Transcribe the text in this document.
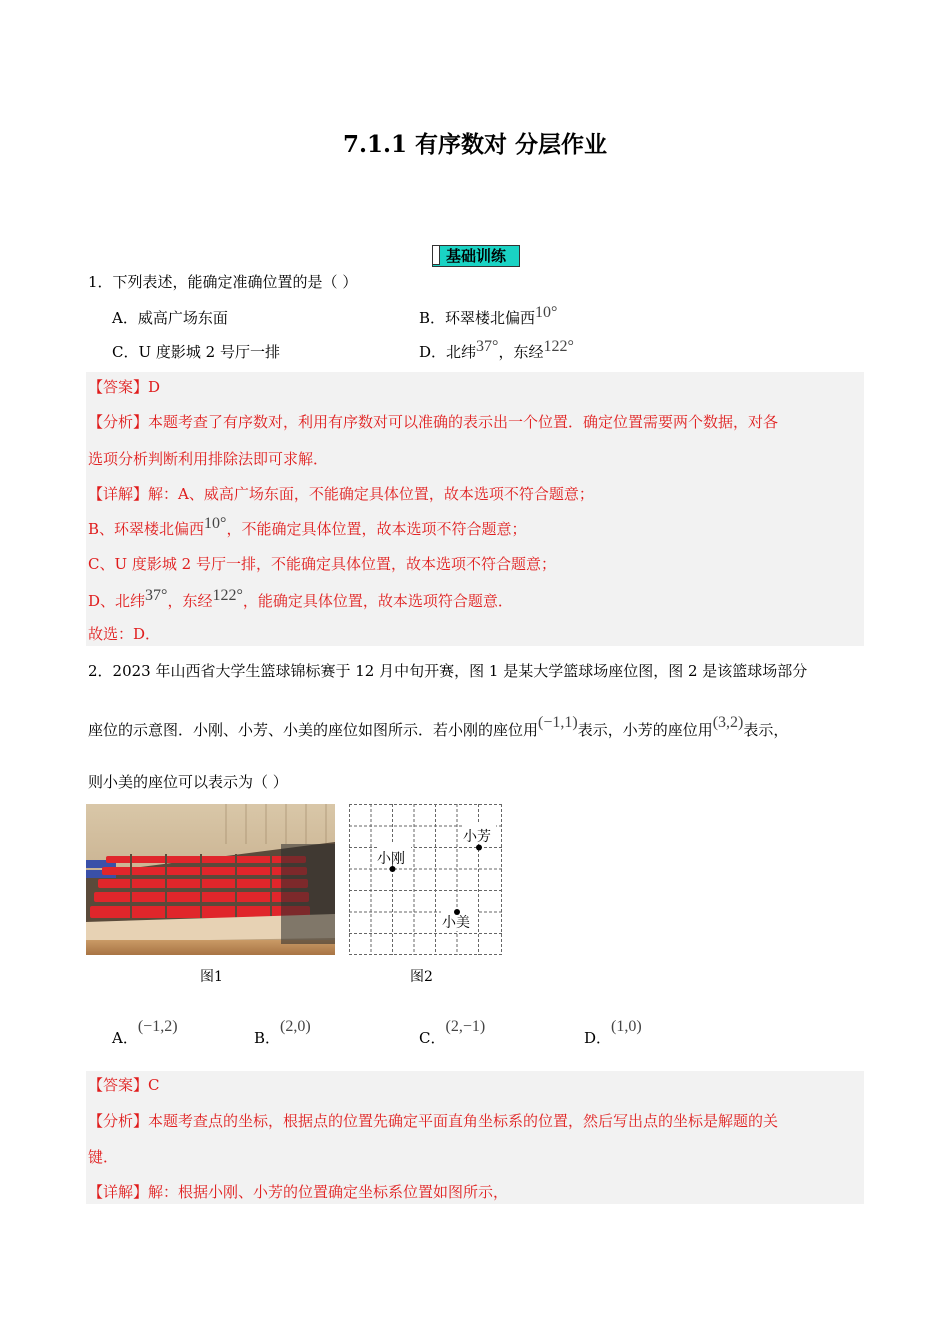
7.1.1 有序数对 分层作业
基础训练
1．下列表述，能确定准确位置的是（ ）
A．威高广场东面	B．环翠楼北偏西10°
C．U 度影城 2 号厅一排	D．北纬37°，东经122°
【答案】D
【分析】本题考查了有序数对，利用有序数对可以准确的表示出一个位置．确定位置需要两个数据，对各
选项分析判断利用排除法即可求解．
【详解】解：A、威高广场东面，不能确定具体位置，故本选项不符合题意；
B、环翠楼北偏西10°，不能确定具体位置，故本选项不符合题意；
C、U 度影城 2 号厅一排，不能确定具体位置，故本选项不符合题意；
D、北纬37°，东经122°，能确定具体位置，故本选项符合题意．
故选：D．
2．2023 年山西省大学生篮球锦标赛于 12 月中旬开赛，图 1 是某大学篮球场座位图，图 2 是该篮球场部分
座位的示意图．小刚、小芳、小美的座位如图所示．若小刚的座位用(−1,1)表示，小芳的座位用(3,2)表示，
则小美的座位可以表示为（ ）
小刚
小芳
小美
图1	图2
A．(−1,2)
B．(2,0)
C．(2,−1)
D．(1,0)
【答案】C
【分析】本题考查点的坐标，根据点的位置先确定平面直角坐标系的位置，然后写出点的坐标是解题的关
键．
【详解】解：根据小刚、小芳的位置确定坐标系位置如图所示，
